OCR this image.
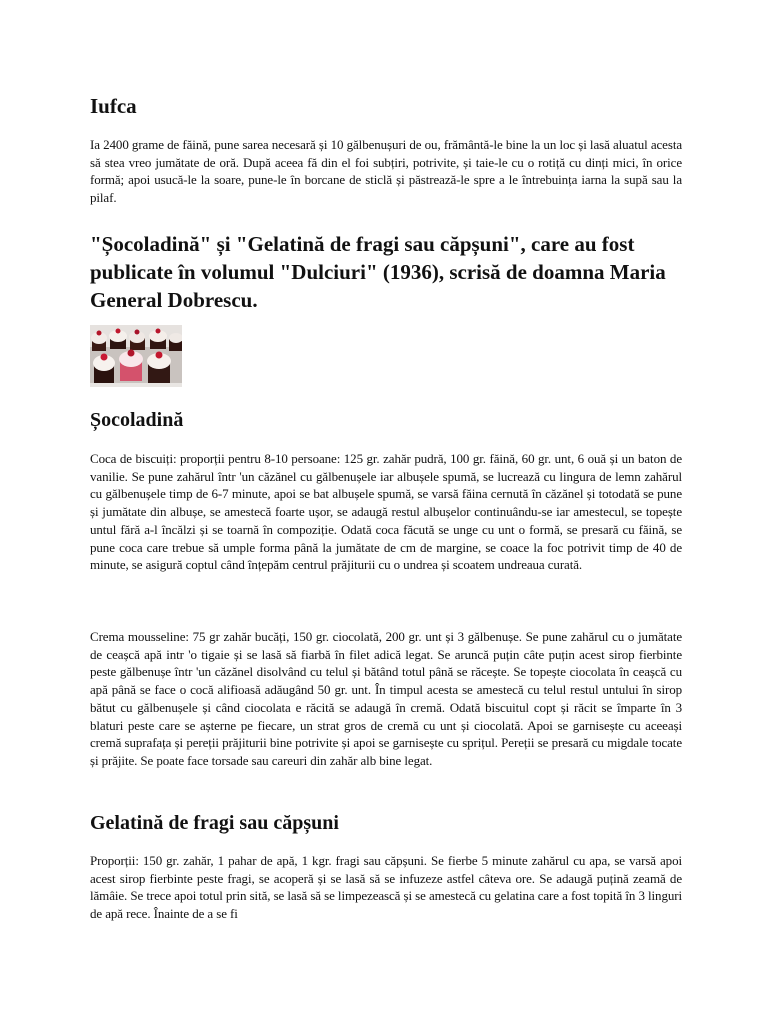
Iufca

Ia 2400 grame de făină, pune sarea necesară și 10 gălbenușuri de ou, frământă-le bine la un loc și lasă aluatul acesta să stea vreo jumătate de oră. După aceea fă din el foi subțiri, potrivite, și taie-le cu o rotiță cu dinți mici, în orice formă; apoi usucă-le la soare, pune-le în borcane de sticlă și păstrează-le spre a le întrebuința iarna la supă sau la pilaf.

"Șocoladină" și "Gelatină de fragi sau căpșuni", care au fost publicate în volumul "Dulciuri" (1936), scrisă de doamna Maria General Dobrescu.
Șocoladină

Coca de biscuiți: proporții pentru 8-10 persoane: 125 gr. zahăr pudră, 100 gr. făină, 60 gr. unt, 6 ouă și un baton de vanilie. Se pune zahărul într 'un căzănel cu gălbenușele iar albușele spumă, se lucrează cu lingura de lemn zahărul cu gălbenușele timp de 6-7 minute, apoi se bat albușele spumă, se varsă făina cernută în căzănel și totodată se pune și jumătate din albușe, se amestecă foarte ușor, se adaugă restul albușelor continuându-se iar amestecul, se topește untul fără a-l încălzi și se toarnă în compoziție. Odată coca făcută se unge cu unt o formă, se presară cu făină, se pune coca care trebue să umple forma până la jumătate de cm de margine, se coace la foc potrivit timp de 40 de minute, se asigură coptul când înțepăm centrul prăjiturii cu o undrea și scoatem undreaua curată.

Crema mousseline: 75 gr zahăr bucăți, 150 gr. ciocolată, 200 gr. unt și 3 gălbenușe. Se pune zahărul cu o jumătate de ceașcă apă intr 'o tigaie și se lasă să fiarbă în filet adică legat. Se aruncă puțin câte puțin acest sirop fierbinte peste gălbenușe într 'un căzănel disolvând cu telul și bătând totul până se răcește. Se topește ciocolata în ceașcă cu apă până se face o cocă alifioasă adăugând 50 gr. unt. În timpul acesta se amestecă cu telul restul untului în sirop bătut cu gălbenușele și când ciocolata e răcită se adaugă în cremă. Odată biscuitul copt și răcit se împarte în 3 blaturi peste care se așterne pe fiecare, un strat gros de cremă cu unt și ciocolată. Apoi se garnisește cu aceeași cremă suprafața și pereții prăjiturii bine potrivite și apoi se garnisește cu sprițul. Pereții se presară cu migdale tocate și prăjite. Se poate face torsade sau careuri din zahăr alb bine legat.

Gelatină de fragi sau căpșuni

Proporții: 150 gr. zahăr, 1 pahar de apă, 1 kgr. fragi sau căpșuni. Se fierbe 5 minute zahărul cu apa, se varsă apoi acest sirop fierbinte peste fragi, se acoperă și se lasă să se infuzeze astfel câteva ore. Se adaugă puțină zeamă de lămâie. Se trece apoi totul prin sită, se lasă să se limpezească și se amestecă cu gelatina care a fost topită în 3 linguri de apă rece. Înainte de a se fi
